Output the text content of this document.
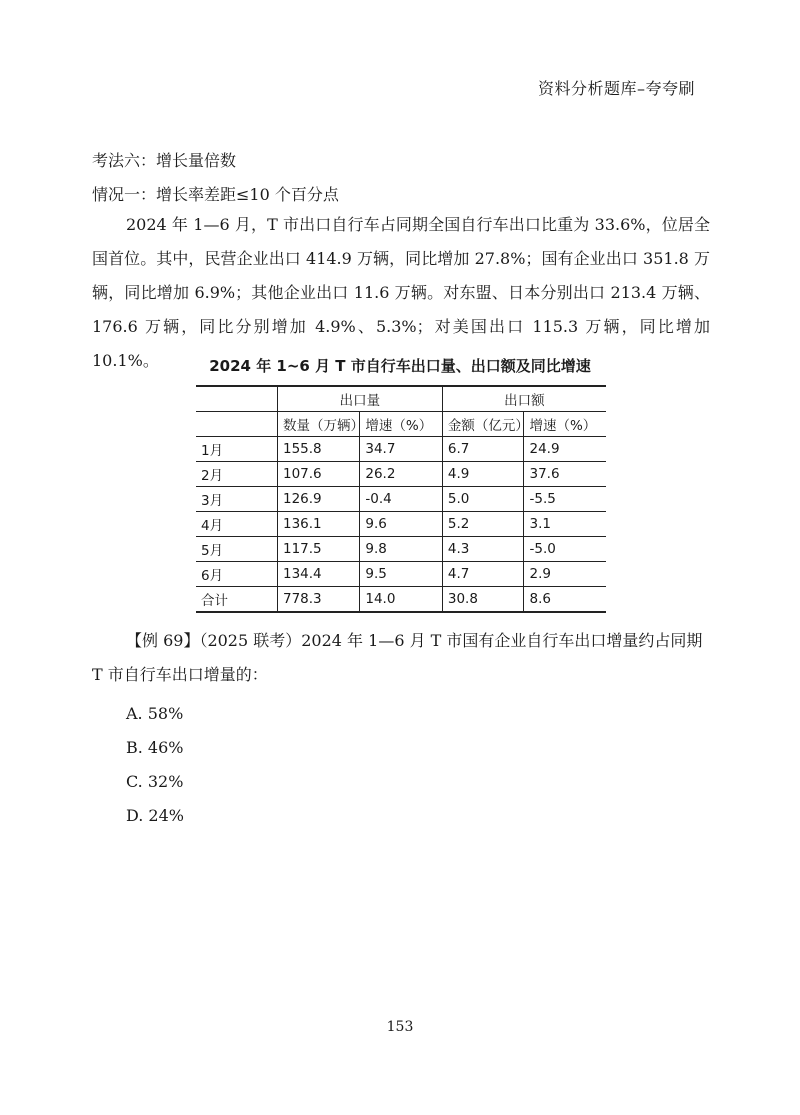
资料分析题库–夸夸刷
考法六：增长量倍数
情况一：增长率差距≤10 个百分点
2024 年 1—6 月，T 市出口自行车占同期全国自行车出口比重为 33.6%，位居全国首位。其中，民营企业出口 414.9 万辆，同比增加 27.8%；国有企业出口 351.8 万辆，同比增加 6.9%；其他企业出口 11.6 万辆。对东盟、日本分别出口 213.4 万辆、176.6 万辆，同比分别增加 4.9%、5.3%；对美国出口 115.3 万辆，同比增加 10.1%。	2024 年 1~6 月 T 市自行车出口量、出口额及同比增速
	出口量		出口额	
	数量（万辆）	增速（%）	金额（亿元）	增速（%）
1月	155.8	34.7	6.7	24.9
2月	107.6	26.2	4.9	37.6
3月	126.9	-0.4	5.0	-5.5
4月	136.1	9.6	5.2	3.1
5月	117.5	9.8	4.3	-5.0
6月	134.4	9.5	4.7	2.9
合计	778.3	14.0	30.8	8.6
【例 69】（2025 联考）2024 年 1—6 月 T 市国有企业自行车出口增量约占同期 T 市自行车出口增量的：
A. 58%
B. 46%
C. 32%
D. 24%
153
